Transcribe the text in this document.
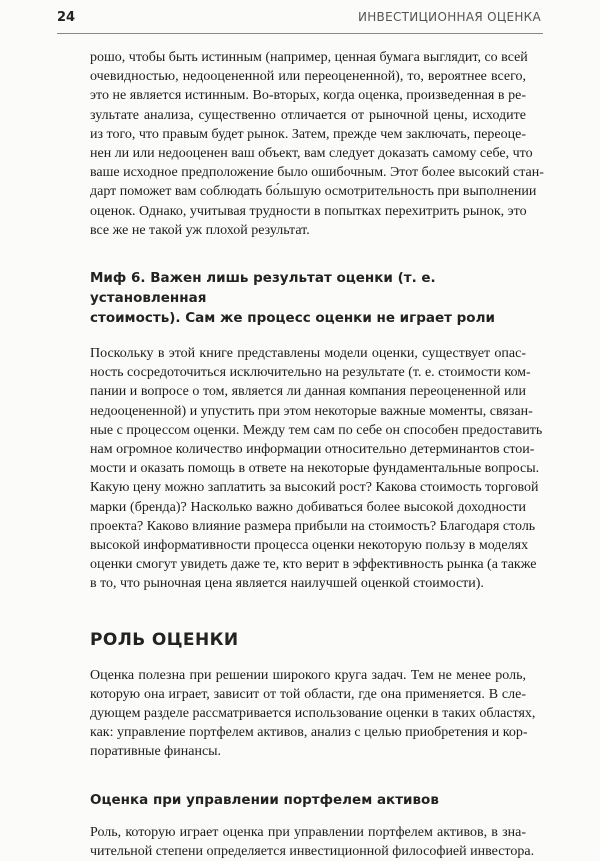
24	ИНВЕСТИЦИОННАЯ ОЦЕНКА

рошо, чтобы быть истинным (например, ценная бумага выглядит, со всей
очевидностью, недооцененной или переоцененной), то, вероятнее всего,
это не является истинным. Во-вторых, когда оценка, произведенная в ре-
зультате анализа, существенно отличается от рыночной цены, исходите
из того, что правым будет рынок. Затем, прежде чем заключать, переоце-
нен ли или недооценен ваш объект, вам следует доказать самому себе, что
ваше исходное предположение было ошибочным. Этот более высокий стан-
дарт поможет вам соблюдать бо́льшую осмотрительность при выполнении
оценок. Однако, учитывая трудности в попытках перехитрить рынок, это
все же не такой уж плохой результат.

Миф 6. Важен лишь результат оценки (т. е. установленная
стоимость). Сам же процесс оценки не играет роли

Поскольку в этой книге представлены модели оценки, существует опас-
ность сосредоточиться исключительно на результате (т. е. стоимости ком-
пании и вопросе о том, является ли данная компания переоцененной или
недооцененной) и упустить при этом некоторые важные моменты, связан-
ные с процессом оценки. Между тем сам по себе он способен предоставить
нам огромное количество информации относительно детерминантов стои-
мости и оказать помощь в ответе на некоторые фундаментальные вопросы.
Какую цену можно заплатить за высокий рост? Какова стоимость торговой
марки (бренда)? Насколько важно добиваться более высокой доходности
проекта? Каково влияние размера прибыли на стоимость? Благодаря столь
высокой информативности процесса оценки некоторую пользу в моделях
оценки смогут увидеть даже те, кто верит в эффективность рынка (а также
в то, что рыночная цена является наилучшей оценкой стоимости).

РОЛЬ ОЦЕНКИ

Оценка полезна при решении широкого круга задач. Тем не менее роль,
которую она играет, зависит от той области, где она применяется. В сле-
дующем разделе рассматривается использование оценки в таких областях,
как: управление портфелем активов, анализ с целью приобретения и кор-
поративные финансы.

Оценка при управлении портфелем активов

Роль, которую играет оценка при управлении портфелем активов, в зна-
чительной степени определяется инвестиционной философией инвестора.
